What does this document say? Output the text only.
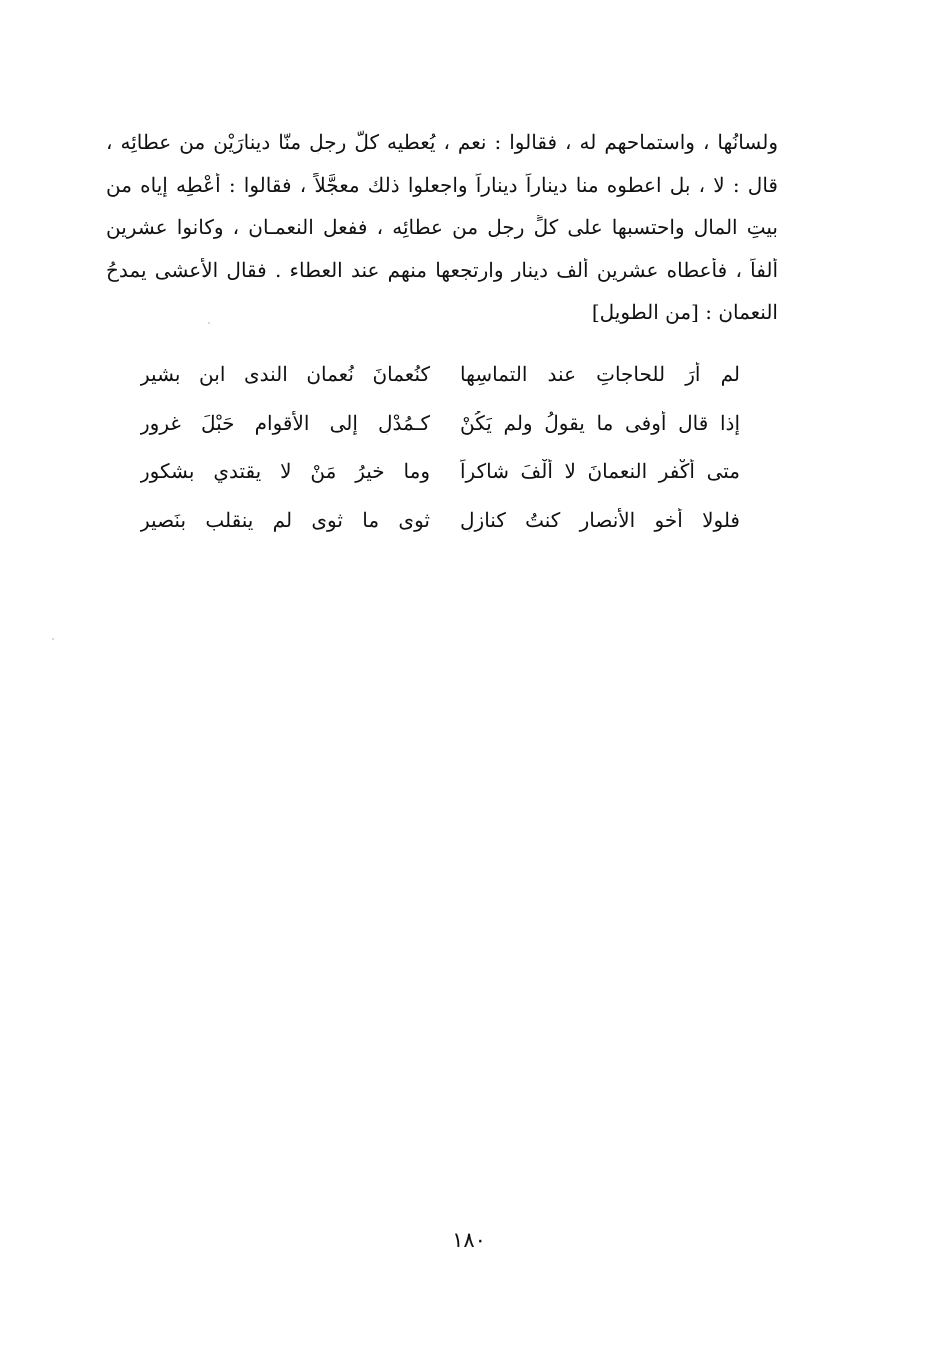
ولسانُها ، واستماحهم له ، فقالوا : نعم ، يُعطيه كلٌّ رجلٍ منّا دينارَيْن من عطائِه ،
قال : لا ، بل اعطوه منا ديناراً ديناراً واجعلوا ذلك معجَّلاً ، فقالوا : أَعْطِه إياه من
بيتِ المال واحتسبها على كلٍّ رجلٍ من عطائِه ، ففعل النعمـان ، وكانوا عشرين
أَلفاً ، فأَعطاه عشرين أَلف دينارٍ وارتجعها منهم عند العطاء . فقال الأَعشى يمدحُ
النعمان : [من الطويل]
لم أَرَ للحاجاتِ عند التماسِها
كنُعمانَ نُعمانِ الندى ابنِ بشيرِ
إِذا قال أَوفى ما يقولُ ولم يَكُنْ
كـمُدْلٍ إِلى الأَقوامِ حَبْلَ غرورِ
متى أَكْفرِ النعمانَ لا أُلْفَ شاكراً
وما خيرُ مَنْ لا يقتدي بشكورِ
فلولا أَخو الأَنصارِ كنتُ كنازلٍ
ثوى ما ثوى لم ينقلب بنَصيرِ
١٨٠
